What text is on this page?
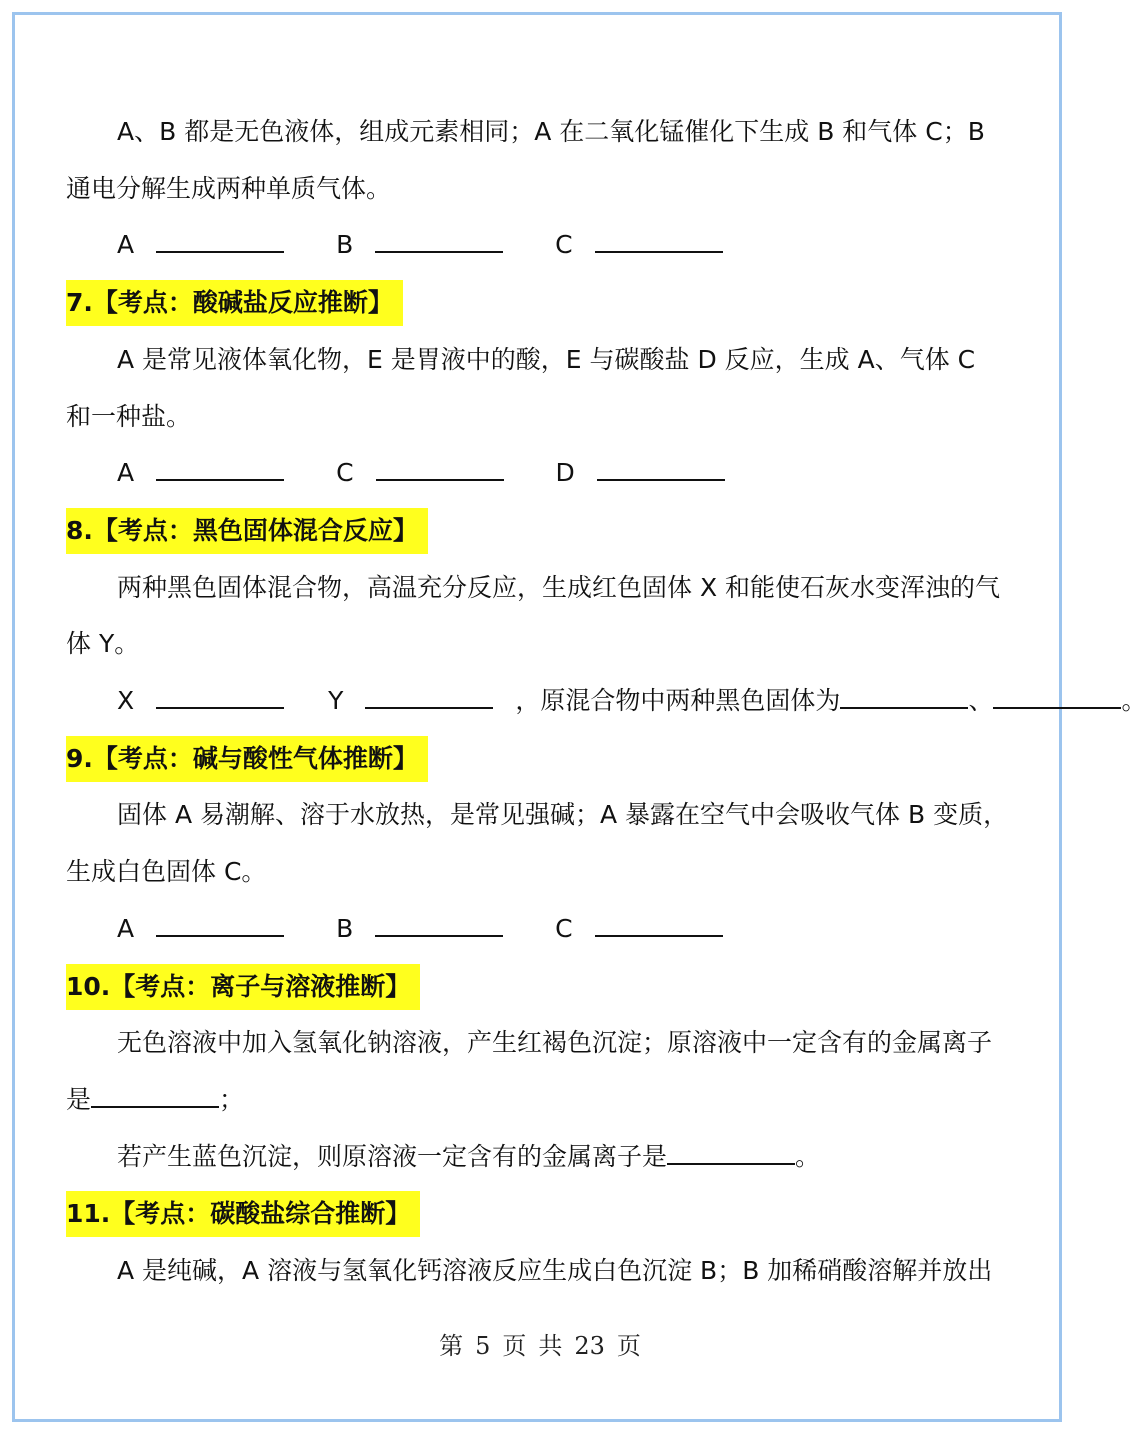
A、B 都是无色液体，组成元素相同；A 在二氧化锰催化下生成 B 和气体 C；B

通电分解生成两种单质气体。

A	B	C

7.【考点：酸碱盐反应推断】

A 是常见液体氧化物，E 是胃液中的酸，E 与碳酸盐 D 反应，生成 A、气体 C

和一种盐。

A	C	D

8.【考点：黑色固体混合反应】

两种黑色固体混合物，高温充分反应，生成红色固体 X 和能使石灰水变浑浊的气

体 Y。

X	Y	，原混合物中两种黑色固体为	、	。

9.【考点：碱与酸性气体推断】

固体 A 易潮解、溶于水放热，是常见强碱；A 暴露在空气中会吸收气体 B 变质，

生成白色固体 C。

A	B	C

10.【考点：离子与溶液推断】

无色溶液中加入氢氧化钠溶液，产生红褐色沉淀；原溶液中一定含有的金属离子

是	；

若产生蓝色沉淀，则原溶液一定含有的金属离子是	。

11.【考点：碳酸盐综合推断】

A 是纯碱，A 溶液与氢氧化钙溶液反应生成白色沉淀 B；B 加稀硝酸溶解并放出

第 5 页 共 23 页
